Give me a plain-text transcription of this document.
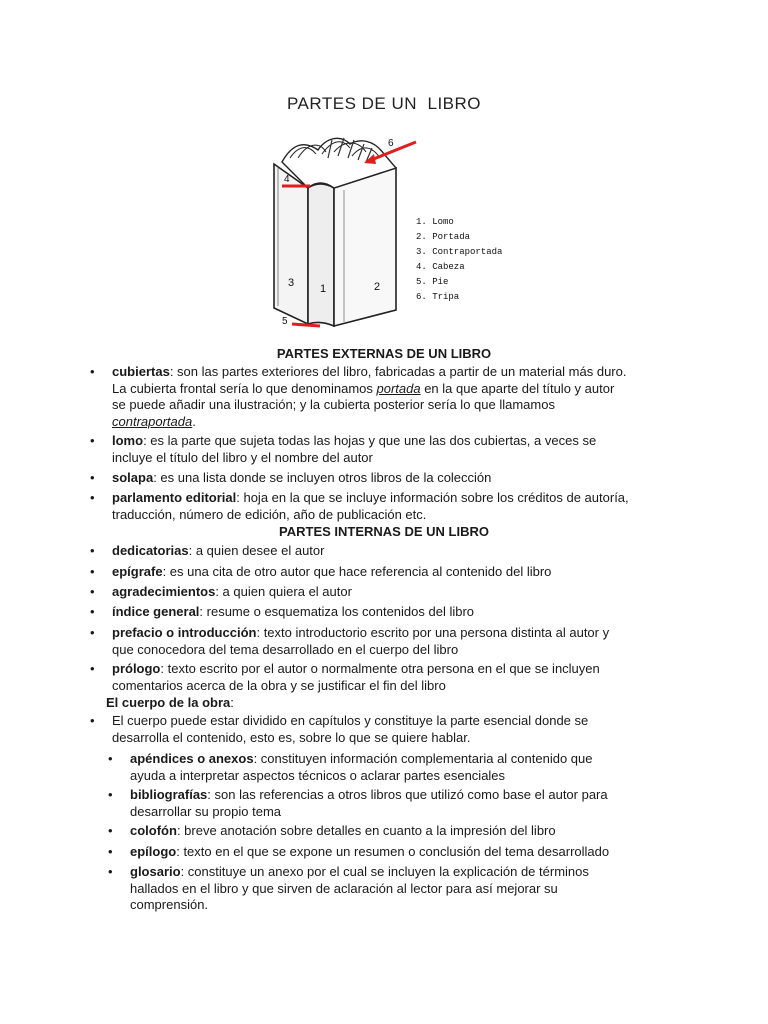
PARTES DE UN  LIBRO
6
4
3 1	2
5
1. Lomo
2. Portada
3. Contraportada
4. Cabeza
5. Pie
6. Tripa
PARTES EXTERNAS DE UN LIBRO
• cubiertas: son las partes exteriores del libro, fabricadas a partir de un material más duro.
La cubierta frontal sería lo que denominamos portada en la que aparte del título y autor
se puede añadir una ilustración; y la cubierta posterior sería lo que llamamos
contraportada.
• lomo: es la parte que sujeta todas las hojas y que une las dos cubiertas, a veces se
incluye el título del libro y el nombre del autor
• solapa: es una lista donde se incluyen otros libros de la colección
• parlamento editorial: hoja en la que se incluye información sobre los créditos de autoría,
traducción, número de edición, año de publicación etc.
PARTES INTERNAS DE UN LIBRO
• dedicatorias: a quien desee el autor
• epígrafe: es una cita de otro autor que hace referencia al contenido del libro
• agradecimientos: a quien quiera el autor
• índice general: resume o esquematiza los contenidos del libro
• prefacio o introducción: texto introductorio escrito por una persona distinta al autor y
que conocedora del tema desarrollado en el cuerpo del libro
• prólogo: texto escrito por el autor o normalmente otra persona en el que se incluyen
comentarios acerca de la obra y se justificar el fin del libro
El cuerpo de la obra:
• El cuerpo puede estar dividido en capítulos y constituye la parte esencial donde se
desarrolla el contenido, esto es, sobre lo que se quiere hablar.
• apéndices o anexos: constituyen información complementaria al contenido que
ayuda a interpretar aspectos técnicos o aclarar partes esenciales
• bibliografías: son las referencias a otros libros que utilizó como base el autor para
desarrollar su propio tema
• colofón: breve anotación sobre detalles en cuanto a la impresión del libro
• epílogo: texto en el que se expone un resumen o conclusión del tema desarrollado
• glosario: constituye un anexo por el cual se incluyen la explicación de términos
hallados en el libro y que sirven de aclaración al lector para así mejorar su
comprensión.
